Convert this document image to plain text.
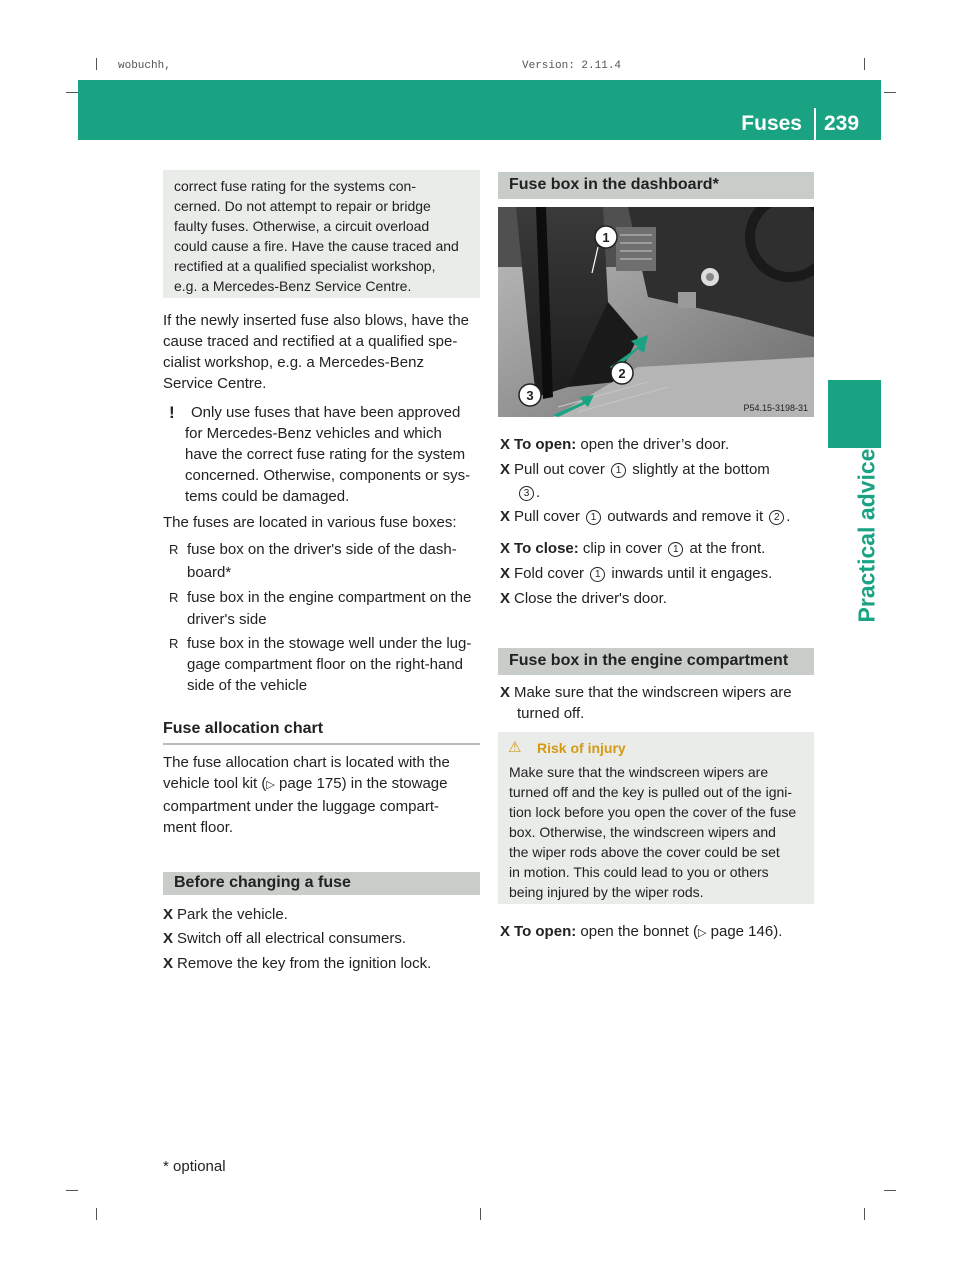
wobuchh,	Version: 2.11.4
Fuses 239
Practical advice
correct fuse rating for the systems con-
cerned. Do not attempt to repair or bridge
faulty fuses. Otherwise, a circuit overload
could cause a fire. Have the cause traced and
rectified at a qualified specialist workshop,
e.g. a Mercedes-Benz Service Centre.
If the newly inserted fuse also blows, have the
cause traced and rectified at a qualified spe-
cialist workshop, e.g. a Mercedes-Benz
Service Centre.
! Only use fuses that have been approved
for Mercedes-Benz vehicles and which
have the correct fuse rating for the system
concerned. Otherwise, components or sys-
tems could be damaged.
The fuses are located in various fuse boxes:
R fuse box on the driver's side of the dash-
board*
R fuse box in the engine compartment on the
driver's side
R fuse box in the stowage well under the lug-
gage compartment floor on the right-hand
side of the vehicle
Fuse allocation chart
The fuse allocation chart is located with the
vehicle tool kit (▷ page 175) in the stowage
compartment under the luggage compart-
ment floor.
Before changing a fuse
X Park the vehicle.
X Switch off all electrical consumers.
X Remove the key from the ignition lock.
Fuse box in the dashboard*
1
2
3
P54.15-3198-31
X To open: open the driver’s door.
X Pull out cover 1 slightly at the bottom
3 .
X Pull cover 1 outwards and remove it 2 .
X To close: clip in cover 1 at the front.
X Fold cover 1 inwards until it engages.
X Close the driver's door.
Fuse box in the engine compartment
X Make sure that the windscreen wipers are
turned off.
⚠ Risk of injury
Make sure that the windscreen wipers are
turned off and the key is pulled out of the igni-
tion lock before you open the cover of the fuse
box. Otherwise, the windscreen wipers and
the wiper rods above the cover could be set
in motion. This could lead to you or others
being injured by the wiper rods.
X To open: open the bonnet (▷ page 146).
* optional
